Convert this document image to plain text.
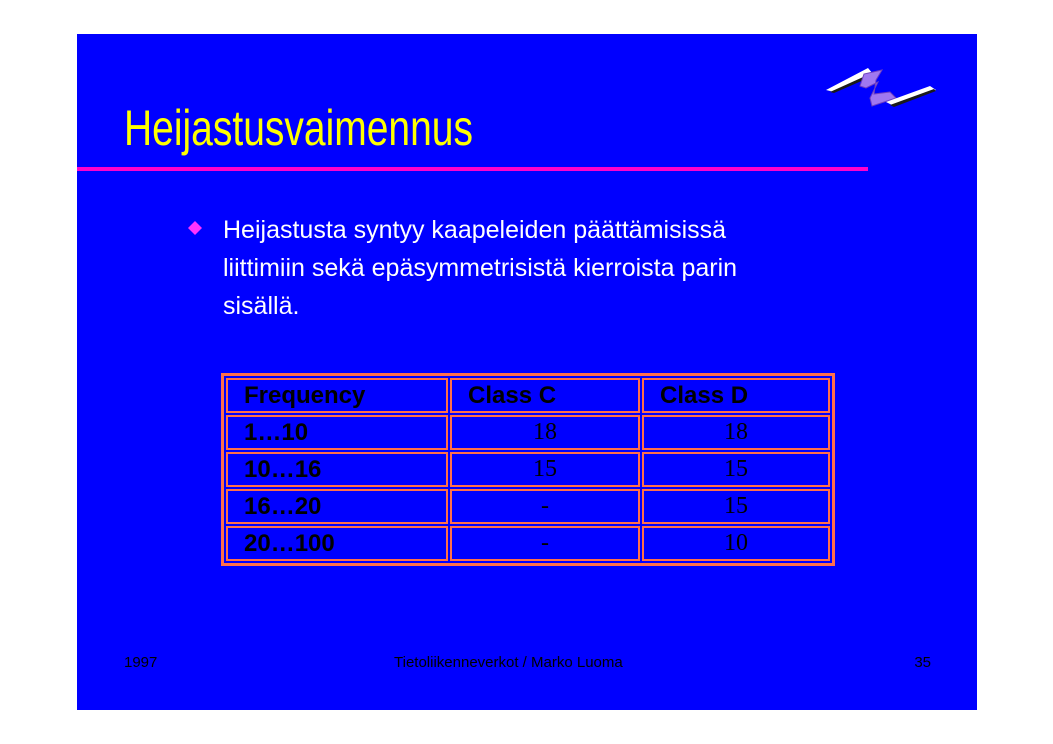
Heijastusvaimennus
Heijastusta syntyy kaapeleiden päättämisissä liittimiin sekä epäsymmetrisistä kierroista parin sisällä.
Frequency	Class C	Class D
1…10	18	18
10…16	15	15
16…20	-	15
20…100	-	10
1997	Tietoliikenneverkot / Marko Luoma	35
